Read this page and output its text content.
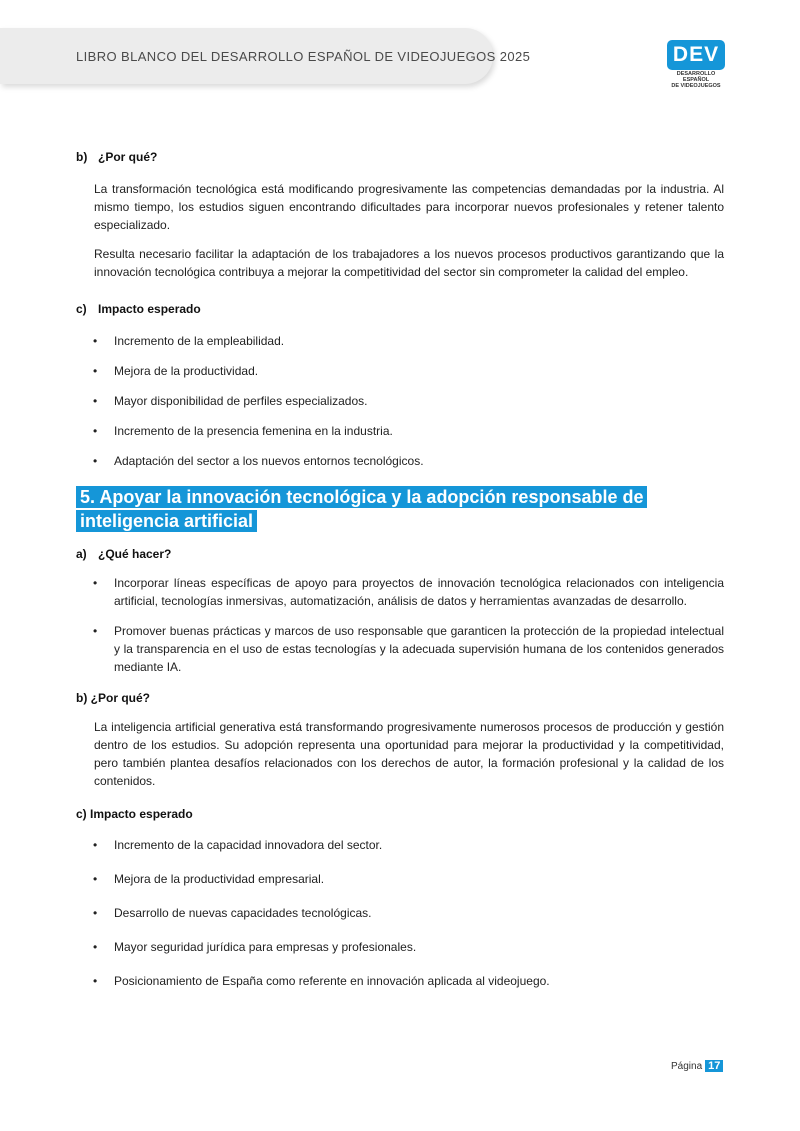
LIBRO BLANCO DEL DESARROLLO ESPAÑOL DE VIDEOJUEGOS 2025	DEV
DESARROLLO ESPAÑOL
DE VIDEOJUEGOS

b) ¿Por qué?

La transformación tecnológica está modificando progresivamente las competencias demandadas por la industria. Al mismo tiempo, los estudios siguen encontrando dificultades para incorporar nuevos profesionales y retener talento especializado.

Resulta necesario facilitar la adaptación de los trabajadores a los nuevos procesos productivos garantizando que la innovación tecnológica contribuya a mejorar la competitividad del sector sin comprometer la calidad del empleo.

c) Impacto esperado

• Incremento de la empleabilidad.
• Mejora de la productividad.
• Mayor disponibilidad de perfiles especializados.
• Incremento de la presencia femenina en la industria.
• Adaptación del sector a los nuevos entornos tecnológicos.
5. Apoyar la innovación tecnológica y la adopción responsable de
inteligencia artificial

a) ¿Qué hacer?

• Incorporar líneas específicas de apoyo para proyectos de innovación tecnológica relacionados con inteligencia artificial, tecnologías inmersivas, automatización, análisis de datos y herramientas avanzadas de desarrollo.
• Promover buenas prácticas y marcos de uso responsable que garanticen la protección de la propiedad intelectual y la transparencia en el uso de estas tecnologías y la adecuada supervisión humana de los contenidos generados mediante IA.

b) ¿Por qué?

La inteligencia artificial generativa está transformando progresivamente numerosos procesos de producción y gestión dentro de los estudios. Su adopción representa una oportunidad para mejorar la productividad y la competitividad, pero también plantea desafíos relacionados con los derechos de autor, la formación profesional y la calidad de los contenidos.

c) Impacto esperado

• Incremento de la capacidad innovadora del sector.
• Mejora de la productividad empresarial.
• Desarrollo de nuevas capacidades tecnológicas.
• Mayor seguridad jurídica para empresas y profesionales.
• Posicionamiento de España como referente en innovación aplicada al videojuego.
Página 17
